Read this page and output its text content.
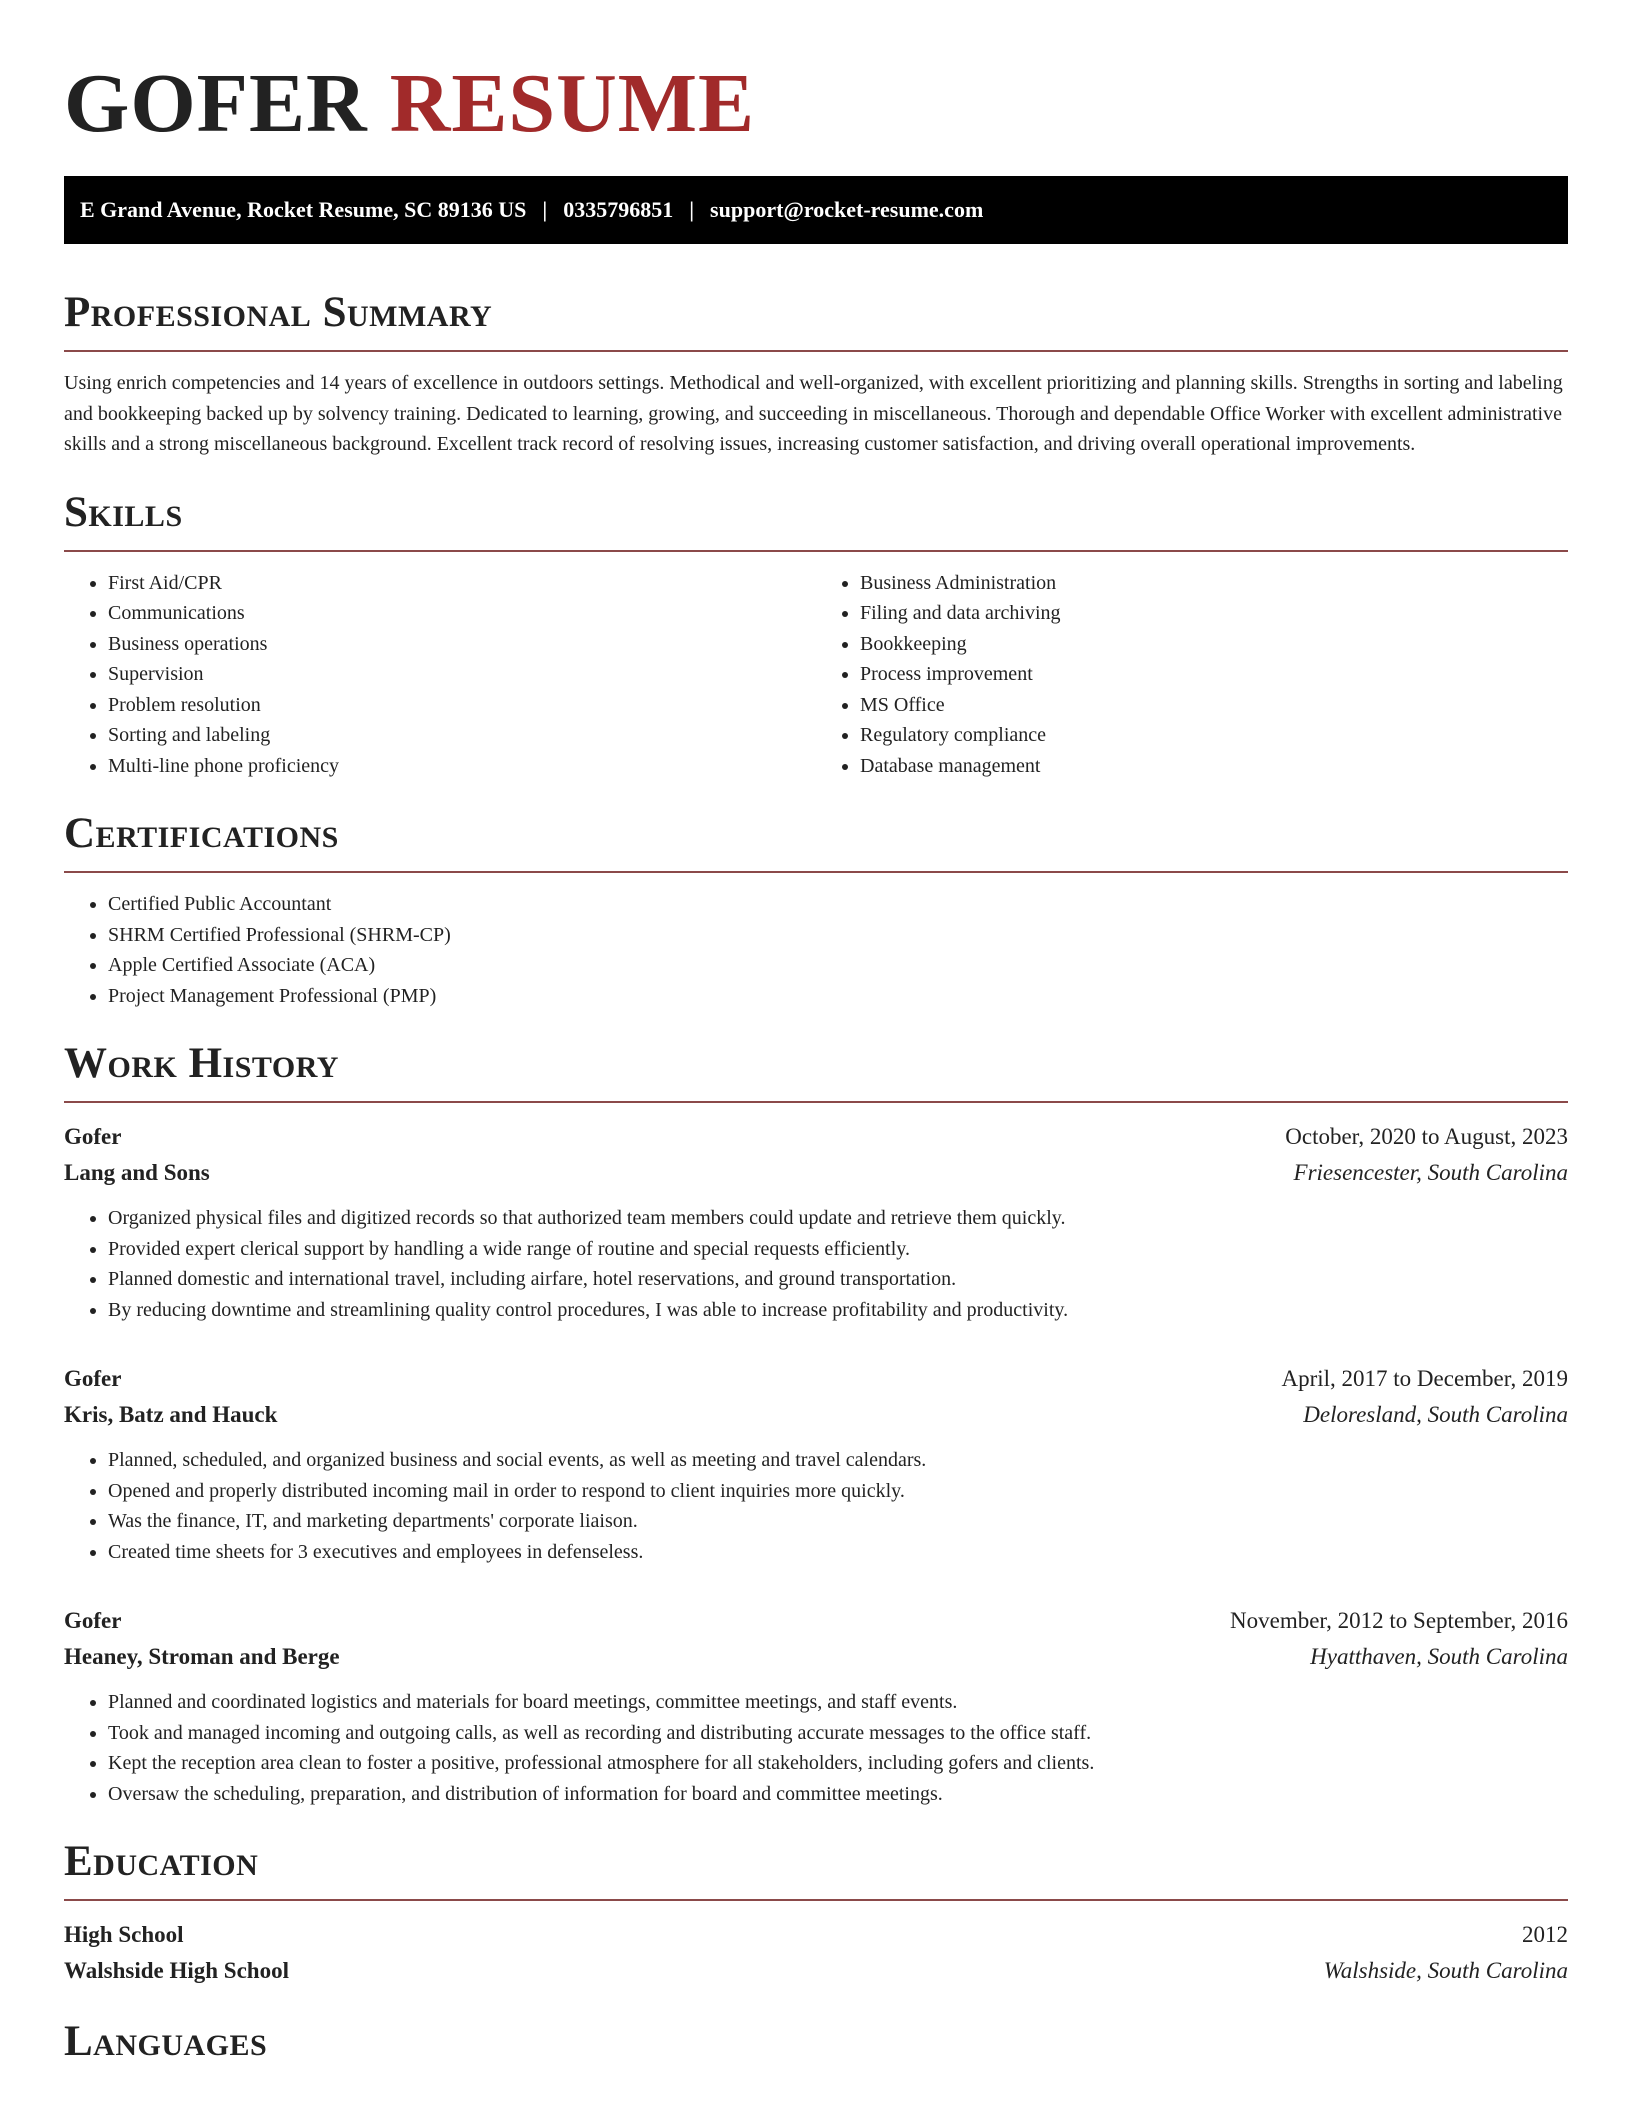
GOFER RESUME
E Grand Avenue, Rocket Resume, SC 89136 US | 0335796851 | support@rocket-resume.com
Professional Summary

Using enrich competencies and 14 years of excellence in outdoors settings. Methodical and well-organized, with excellent prioritizing and planning skills. Strengths in sorting and labeling and bookkeeping backed up by solvency training. Dedicated to learning, growing, and succeeding in miscellaneous. Thorough and dependable Office Worker with excellent administrative skills and a strong miscellaneous background. Excellent track record of resolving issues, increasing customer satisfaction, and driving overall operational improvements.

Skills
• First Aid/CPR
• Communications
• Business operations
• Supervision
• Problem resolution
• Sorting and labeling
• Multi-line phone proficiency
• Business Administration
• Filing and data archiving
• Bookkeeping
• Process improvement
• MS Office
• Regulatory compliance
• Database management
Certifications
• Certified Public Accountant
• SHRM Certified Professional (SHRM-CP)
• Apple Certified Associate (ACA)
• Project Management Professional (PMP)
Work History
Gofer	October, 2020 to August, 2023
Lang and Sons	Friesencester, South Carolina
• Organized physical files and digitized records so that authorized team members could update and retrieve them quickly.
• Provided expert clerical support by handling a wide range of routine and special requests efficiently.
• Planned domestic and international travel, including airfare, hotel reservations, and ground transportation.
• By reducing downtime and streamlining quality control procedures, I was able to increase profitability and productivity.
Gofer	April, 2017 to December, 2019
Kris, Batz and Hauck	Deloresland, South Carolina
• Planned, scheduled, and organized business and social events, as well as meeting and travel calendars.
• Opened and properly distributed incoming mail in order to respond to client inquiries more quickly.
• Was the finance, IT, and marketing departments' corporate liaison.
• Created time sheets for 3 executives and employees in defenseless.
Gofer	November, 2012 to September, 2016
Heaney, Stroman and Berge	Hyatthaven, South Carolina
• Planned and coordinated logistics and materials for board meetings, committee meetings, and staff events.
• Took and managed incoming and outgoing calls, as well as recording and distributing accurate messages to the office staff.
• Kept the reception area clean to foster a positive, professional atmosphere for all stakeholders, including gofers and clients.
• Oversaw the scheduling, preparation, and distribution of information for board and committee meetings.
Education
High School	2012
Walshside High School	Walshside, South Carolina
Languages
